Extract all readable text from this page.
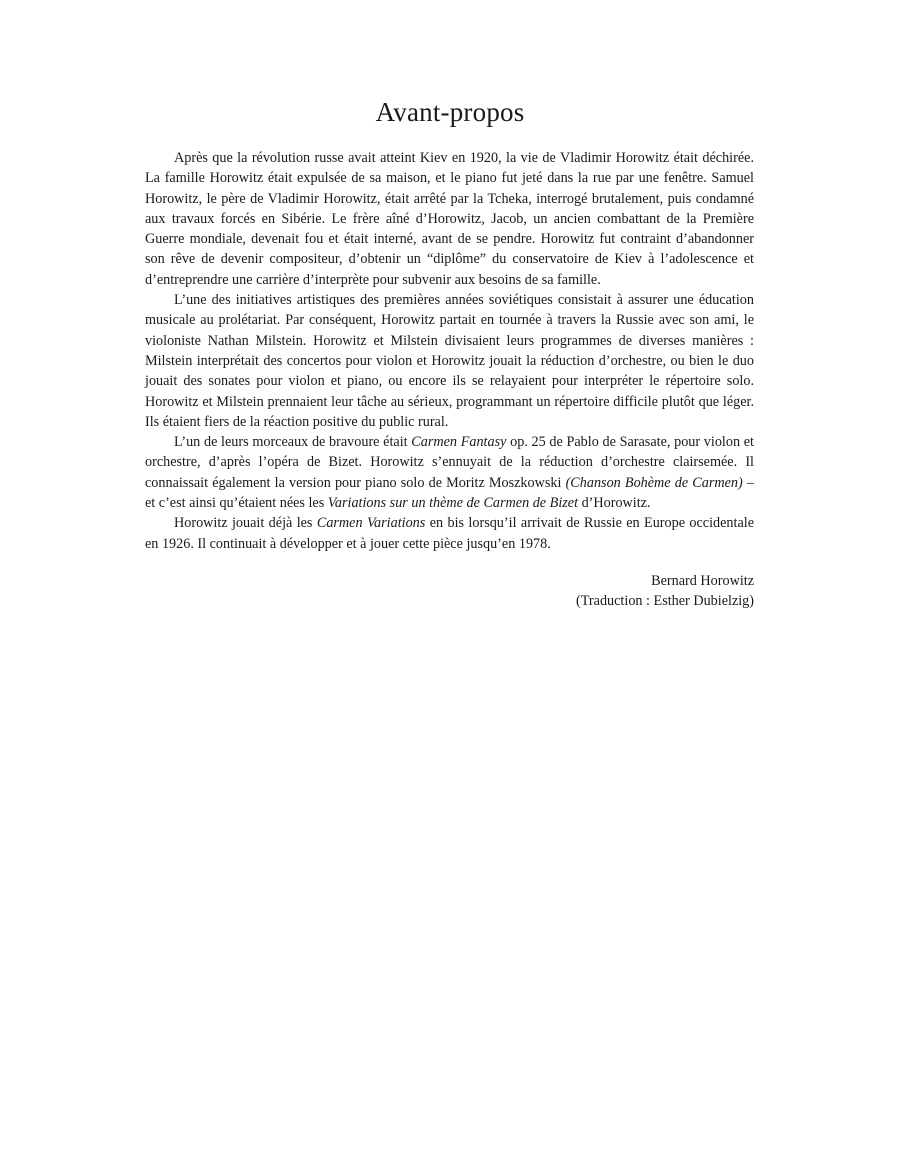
Avant-propos

Après que la révolution russe avait atteint Kiev en 1920, la vie de Vladimir Horowitz était déchirée. La famille Horowitz était expulsée de sa maison, et le piano fut jeté dans la rue par une fenêtre. Samuel Horowitz, le père de Vladimir Horowitz, était arrêté par la Tcheka, interrogé brutalement, puis condamné aux travaux forcés en Sibérie. Le frère aîné d’Horowitz, Jacob, un ancien combattant de la Première Guerre mondiale, devenait fou et était interné, avant de se pendre. Horowitz fut contraint d’abandonner son rêve de devenir compositeur, d’obtenir un “diplôme” du conservatoire de Kiev à l’adolescence et d’entreprendre une carrière d’interprète pour subvenir aux besoins de sa famille.

L’une des initiatives artistiques des premières années soviétiques consistait à assurer une éducation musicale au prolétariat. Par conséquent, Horowitz partait en tournée à travers la Russie avec son ami, le violoniste Nathan Milstein. Horowitz et Milstein divisaient leurs programmes de diverses manières : Milstein interprétait des concertos pour violon et Horowitz jouait la réduction d’orchestre, ou bien le duo jouait des sonates pour violon et piano, ou encore ils se relayaient pour interpréter le répertoire solo. Horowitz et Milstein prennaient leur tâche au sérieux, programmant un répertoire difficile plutôt que léger. Ils étaient fiers de la réaction positive du public rural.

L’un de leurs morceaux de bravoure était Carmen Fantasy op. 25 de Pablo de Sarasate, pour violon et orchestre, d’après l’opéra de Bizet. Horowitz s’ennuyait de la réduction d’orchestre clairsemée. Il connaissait également la version pour piano solo de Moritz Moszkowski (Chanson Bohème de Carmen) – et c’est ainsi qu’étaient nées les Variations sur un thème de Carmen de Bizet d’Horowitz.

Horowitz jouait déjà les Carmen Variations en bis lorsqu’il arrivait de Russie en Europe occidentale en 1926. Il continuait à développer et à jouer cette pièce jusqu’en 1978.

Bernard Horowitz
(Traduction : Esther Dubielzig)
